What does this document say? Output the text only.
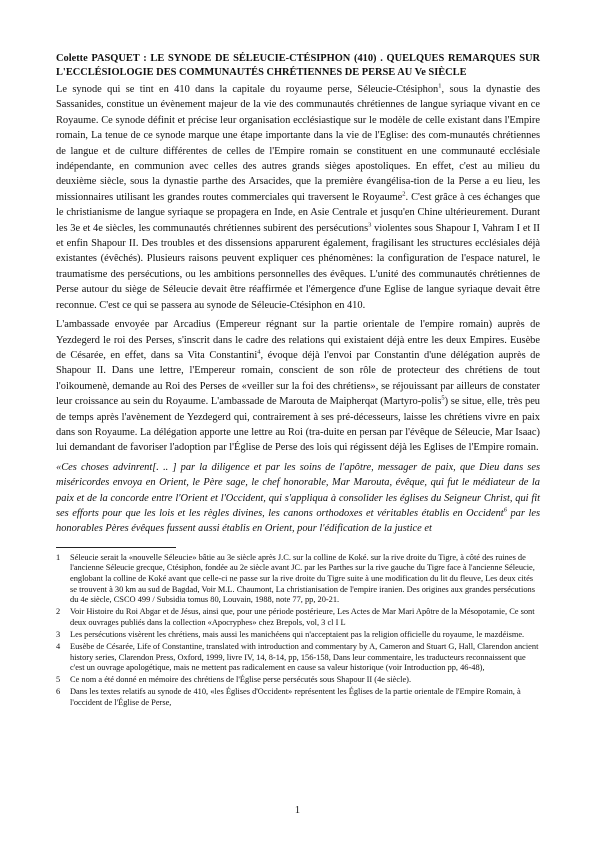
Colette PASQUET : LE SYNODE DE SÉLEUCIE-CTÉSIPHON (410) . QUELQUES REMARQUES SUR L'ECCLÉSIOLOGIE DES COMMUNAUTÉS CHRÉTIENNES DE PERSE AU Ve SIÈCLE

Le synode qui se tint en 410 dans la capitale du royaume perse, Séleucie-Ctésiphon$^1$, sous la dynastie des Sassanides, constitue un évènement majeur de la vie des communautés chrétiennes de langue syriaque vivant en ce Royaume. Ce synode définit et précise leur organisation ecclésiastique sur le modèle de celle existant dans l'Empire romain, La tenue de ce synode marque une étape importante dans la vie de l'Eglise: des com-munautés chrétiennes de langue et de culture différentes de celles de l'Empire romain se constituent en une communauté ecclésiale indépendante, en communion avec celles des autres grands sièges apostoliques. En effet, c'est au milieu du deuxième siècle, sous la dynastie parthe des Arsacides, que la première évangélisa-tion de la Perse a eu lieu, les missionnaires utilisant les grandes routes commerciales qui traversent le Royaume$^2$. C'est grâce à ces échanges que le christianisme de langue syriaque se propagera en Inde, en Asie Centrale et jusqu'en Chine ultérieurement. Durant les 3e et 4e siècles, les communautés chrétiennes subirent des persécutions$^3$ violentes sous Shapour I, Vahram I et II et enfin Shapour II. Des troubles et des dissensions apparurent également, fragilisant les structures ecclésiales déjà existantes (évêchés). Plusieurs raisons peuvent expliquer ces phénomènes: la configuration de l'espace naturel, le traumatisme des persécutions, ou les ambitions personnelles des évêques. L'unité des communautés chrétiennes de Perse autour du siège de Séleucie devait être réaffirmée et l'émergence d'une Eglise de langue syriaque devait être reconnue. C'est ce qui se passera au synode de Séleucie-Ctésiphon en 410.

L'ambassade envoyée par Arcadius (Empereur régnant sur la partie orientale de l'empire romain) auprès de Yezdegerd le roi des Perses, s'inscrit dans le cadre des relations qui existaient déjà entre les deux Empires. Eusèbe de Césarée, en effet, dans sa Vita Constantini$^4$, évoque déjà l'envoi par Constantin d'une délégation auprès de Shapour II. Dans une lettre, l'Empereur romain, conscient de son rôle de protecteur des chrétiens de tout l'oikoumenè, demande au Roi des Perses de «veiller sur la foi des chrétiens», se réjouissant par ailleurs de constater leur croissance au sein du Royaume. L'ambassade de Marouta de Maipherqat (Martyro-polis$^5$) se situe, elle, très peu de temps après l'avènement de Yezdegerd qui, contrairement à ses pré-décesseurs, laisse les chrétiens vivre en paix dans son Royaume. La délégation apporte une lettre au Roi (tra-duite en persan par l'évêque de Séleucie, Mar Isaac) lui demandant de favoriser l'adoption par l'Église de Perse des lois qui régissent déjà les Eglises de l'Empire romain.

«Ces choses advinrent[. .. ] par la diligence et par les soins de l'apôtre, messager de paix, que Dieu dans ses miséricordes envoya en Orient, le Père sage, le chef honorable, Mar Marouta, évêque, qui fut le médiateur de la paix et de la concorde entre l'Orient et l'Occident, qui s'appliqua à consolider les églises du Seigneur Christ, qui fit ses efforts pour que les lois et les règles divines, les canons orthodoxes et véritables établis en Occident$^6$ par les honorables Pères évêques fussent aussi établis en Orient, pour l'édification de la justice et

1	Séleucie serait la «nouvelle Séleucie» bâtie au 3e siècle après J.C. sur la colline de Koké. sur la rive droite du Tigre, à côté des ruines de l'ancienne Séleucie grecque, Ctésiphon, fondée au 2e siècle avant JC. par les Parthes sur la rive gauche du Tigre face à l'ancienne Séleucie, englobant la colline de Koké avant que celle-ci ne passe sur la rive droite du Tigre suite à une modification du lit du fleuve, Les deux cités se trouvent à 30 km au sud de Bagdad, Voir M.L. Chaumont, La christianisation de l'empire iranien. Des origines aux grandes persécutions du 4e siècle, CSCO 499 / Subsidia tomus 80, Louvain, 1988, note 77, pp, 20-21.
2	Voir Histoire du Roi Abgar et de Jésus, ainsi que, pour une période postérieure, Les Actes de Mar Mari Apôtre de la Mésopotamie, Ce sont deux ouvrages publiés dans la collection «Apocryphes» chez Brepols, vol, 3 cl I L
3	Les persécutions visèrent les chrétiens, mais aussi les manichéens qui n'acceptaient pas la religion officielle du royaume, le mazdéisme.
4	Eusèbe de Césarée, Life of Constantine, translated with introduction and commentary by A, Cameron and Stuart G, Hall, Clarendon ancient history series, Clarendon Press, Oxford, 1999, livre IV, 14, 8-14, pp, 156-158, Dans leur commentaire, les traducteurs reconnaissent que c'est un ouvrage apologétique, mais ne mettent pas radicalement en cause sa valeur historique (voir Introduction pp, 46-48),
5	Ce nom a été donné en mémoire des chrétiens de l'Église perse persécutés sous Shapour II (4e siècle).
6	Dans les textes relatifs au synode de 410, «les Églises d'Occident» représentent les Églises de la partie orientale de l'Empire Romain, à l'occident de l'Église de Perse,
1
